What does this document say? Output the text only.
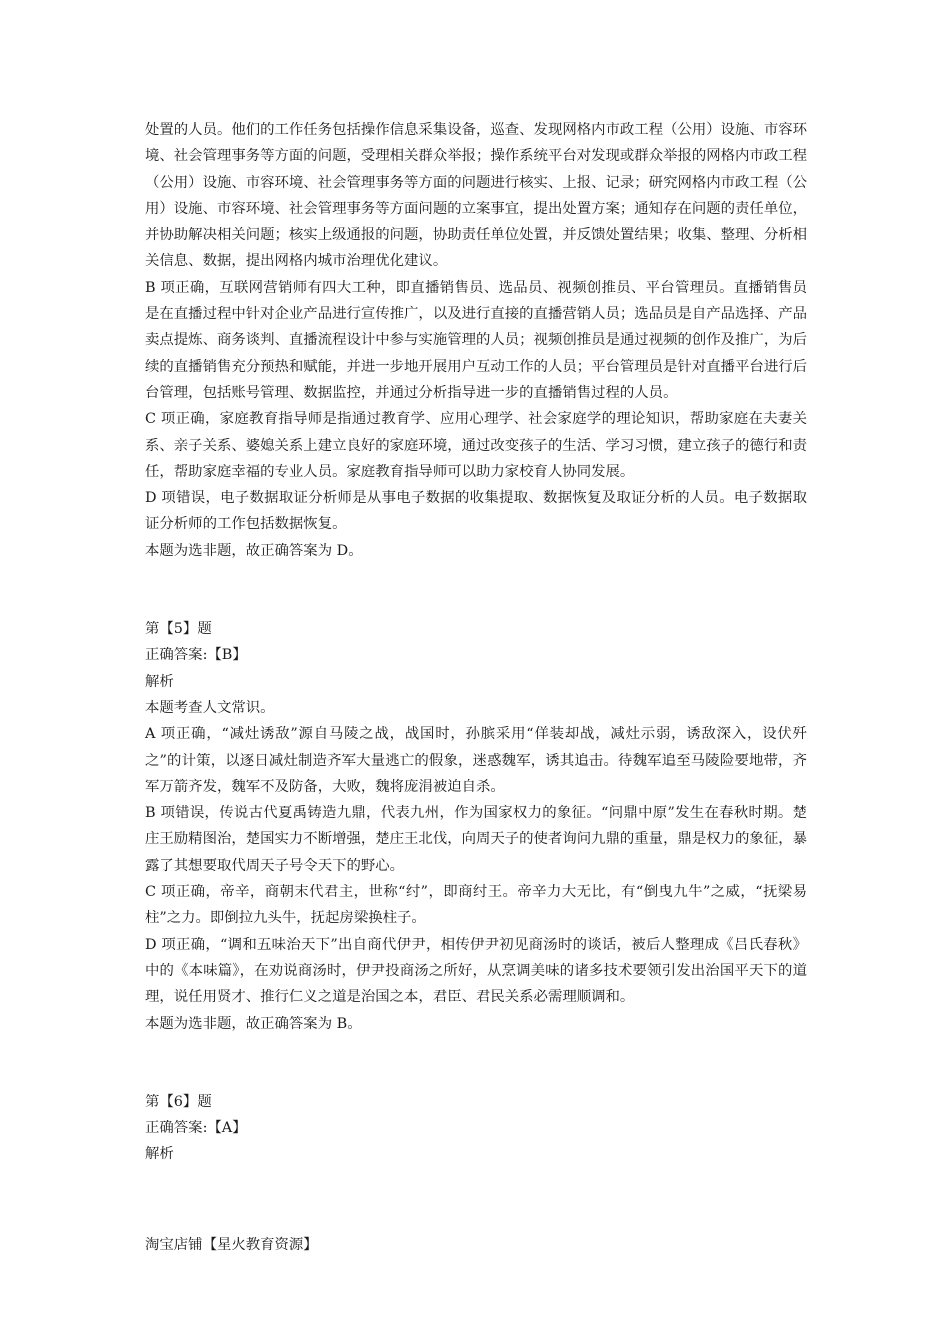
处置的人员。他们的工作任务包括操作信息采集设备，巡查、发现网格内市政工程（公用）设施、市容环境、社会管理事务等方面的问题，受理相关群众举报；操作系统平台对发现或群众举报的网格内市政工程（公用）设施、市容环境、社会管理事务等方面的问题进行核实、上报、记录；研究网格内市政工程（公用）设施、市容环境、社会管理事务等方面问题的立案事宜，提出处置方案；通知存在问题的责任单位，并协助解决相关问题；核实上级通报的问题，协助责任单位处置，并反馈处置结果；收集、整理、分析相关信息、数据，提出网格内城市治理优化建议。

B 项正确，互联网营销师有四大工种，即直播销售员、选品员、视频创推员、平台管理员。直播销售员是在直播过程中针对企业产品进行宣传推广，以及进行直接的直播营销人员；选品员是自产品选择、产品卖点提炼、商务谈判、直播流程设计中参与实施管理的人员；视频创推员是通过视频的创作及推广，为后续的直播销售充分预热和赋能，并进一步地开展用户互动工作的人员；平台管理员是针对直播平台进行后台管理，包括账号管理、数据监控，并通过分析指导进一步的直播销售过程的人员。

C 项正确，家庭教育指导师是指通过教育学、应用心理学、社会家庭学的理论知识，帮助家庭在夫妻关系、亲子关系、婆媳关系上建立良好的家庭环境，通过改变孩子的生活、学习习惯，建立孩子的德行和责任，帮助家庭幸福的专业人员。家庭教育指导师可以助力家校育人协同发展。

D 项错误，电子数据取证分析师是从事电子数据的收集提取、数据恢复及取证分析的人员。电子数据取证分析师的工作包括数据恢复。

本题为选非题，故正确答案为 D。

第【5】题

正确答案:【B】

解析

本题考查人文常识。

A 项正确，“减灶诱敌”源自马陵之战，战国时，孙膑采用“佯装却战，减灶示弱，诱敌深入，设伏歼之”的计策，以逐日减灶制造齐军大量逃亡的假象，迷惑魏军，诱其追击。待魏军追至马陵险要地带，齐军万箭齐发，魏军不及防备，大败，魏将庞涓被迫自杀。

B 项错误，传说古代夏禹铸造九鼎，代表九州，作为国家权力的象征。“问鼎中原”发生在春秋时期。楚庄王励精图治，楚国实力不断增强，楚庄王北伐，向周天子的使者询问九鼎的重量，鼎是权力的象征，暴露了其想要取代周天子号令天下的野心。

C 项正确，帝辛，商朝末代君主，世称“纣”，即商纣王。帝辛力大无比，有“倒曳九牛”之威，“抚梁易柱”之力。即倒拉九头牛，抚起房梁换柱子。

D 项正确，“调和五味治天下”出自商代伊尹，相传伊尹初见商汤时的谈话，被后人整理成《吕氏春秋》中的《本味篇》，在劝说商汤时，伊尹投商汤之所好，从烹调美味的诸多技术要领引发出治国平天下的道理，说任用贤才、推行仁义之道是治国之本，君臣、君民关系必需理顺调和。

本题为选非题，故正确答案为 B。

第【6】题

正确答案:【A】

解析

淘宝店铺【星火教育资源】
